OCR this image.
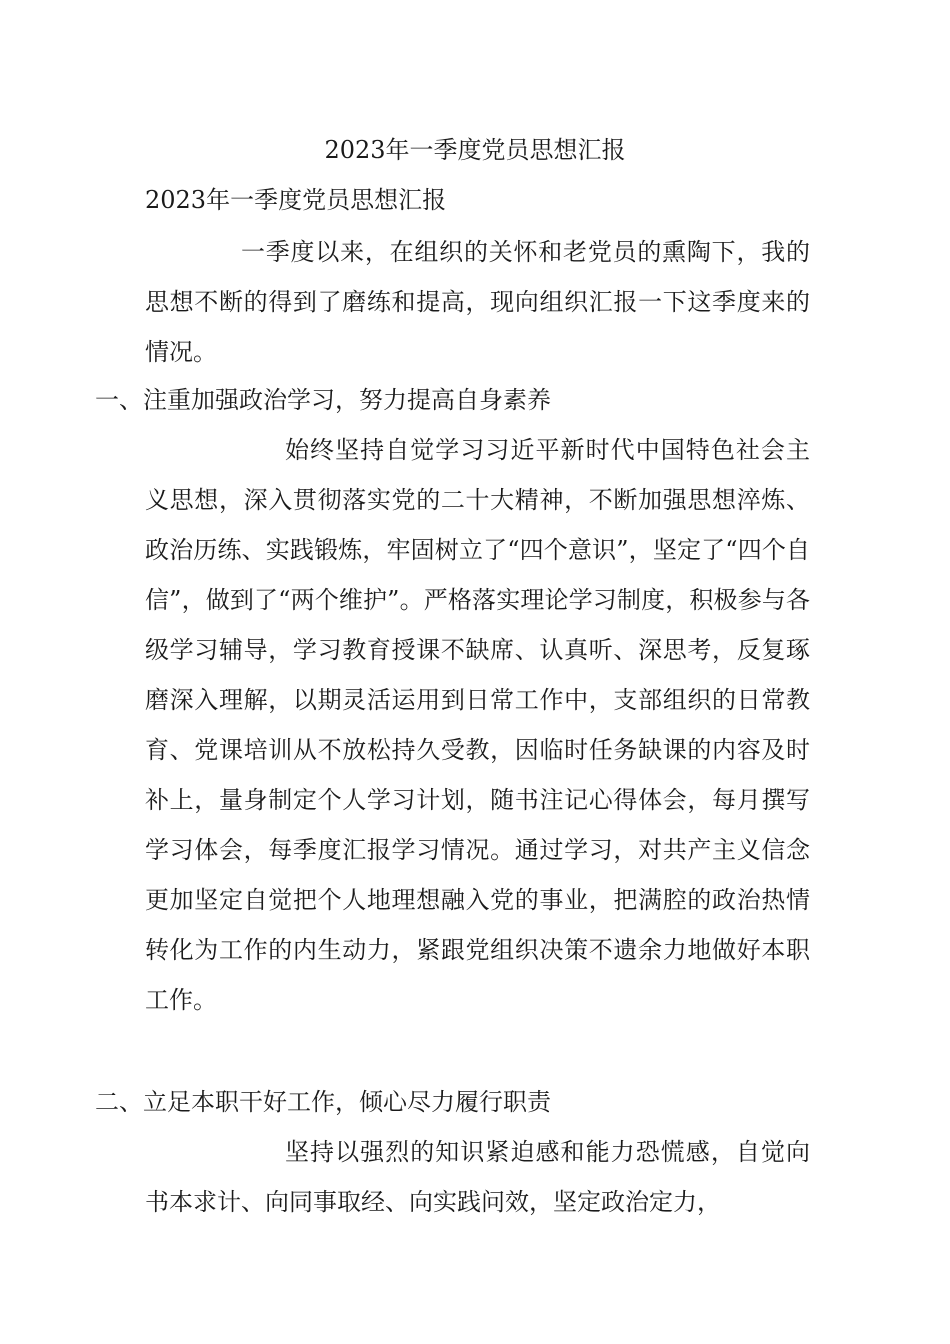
2023年一季度党员思想汇报
2023年一季度党员思想汇报

一季度以来，在组织的关怀和老党员的熏陶下，我的思想不断的得到了磨练和提高，现向组织汇报一下这季度来的情况。

一、注重加强政治学习，努力提高自身素养

始终坚持自觉学习习近平新时代中国特色社会主义思想，深入贯彻落实党的二十大精神，不断加强思想淬炼、政治历练、实践锻炼，牢固树立了“四个意识”，坚定了“四个自信”，做到了“两个维护”。严格落实理论学习制度，积极参与各级学习辅导，学习教育授课不缺席、认真听、深思考，反复琢磨深入理解，以期灵活运用到日常工作中，支部组织的日常教育、党课培训从不放松持久受教，因临时任务缺课的内容及时补上，量身制定个人学习计划，随书注记心得体会，每月撰写学习体会，每季度汇报学习情况。通过学习，对共产主义信念更加坚定自觉把个人地理想融入党的事业，把满腔的政治热情转化为工作的内生动力，紧跟党组织决策不遗余力地做好本职工作。

二、立足本职干好工作，倾心尽力履行职责

坚持以强烈的知识紧迫感和能力恐慌感，自觉向书本求计、向同事取经、向实践问效，坚定政治定力，
